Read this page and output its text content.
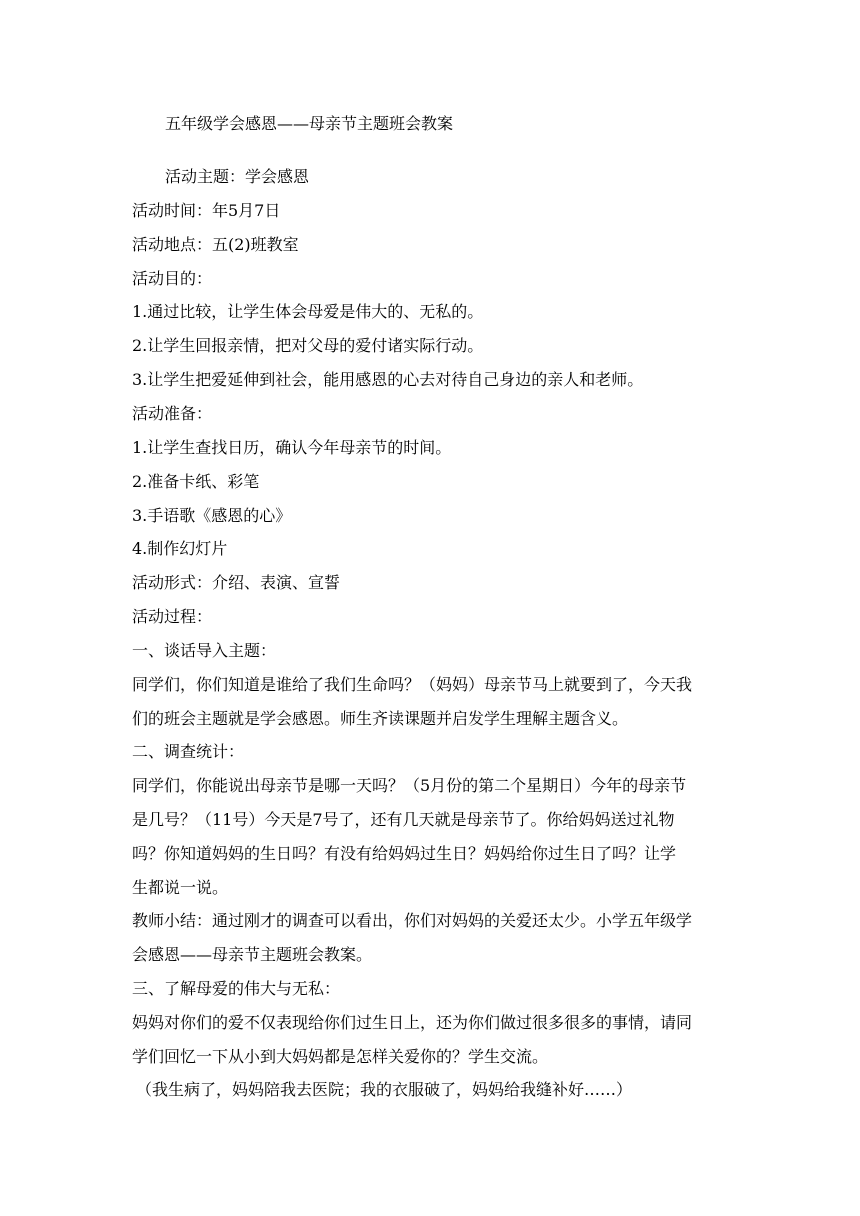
五年级学会感恩——母亲节主题班会教案
活动主题：学会感恩
活动时间：年5月7日
活动地点：五(2)班教室
活动目的：
1.通过比较，让学生体会母爱是伟大的、无私的。
2.让学生回报亲情，把对父母的爱付诸实际行动。
3.让学生把爱延伸到社会，能用感恩的心去对待自己身边的亲人和老师。
活动准备：
1.让学生查找日历，确认今年母亲节的时间。
2.准备卡纸、彩笔
3.手语歌《感恩的心》
4.制作幻灯片
活动形式：介绍、表演、宣誓
活动过程：
一、谈话导入主题：
同学们，你们知道是谁给了我们生命吗？（妈妈）母亲节马上就要到了，今天我
们的班会主题就是学会感恩。师生齐读课题并启发学生理解主题含义。
二、调查统计：
同学们，你能说出母亲节是哪一天吗？（5月份的第二个星期日）今年的母亲节
是几号？（11号）今天是7号了，还有几天就是母亲节了。你给妈妈送过礼物
吗？你知道妈妈的生日吗？有没有给妈妈过生日？妈妈给你过生日了吗？让学
生都说一说。
教师小结：通过刚才的调查可以看出，你们对妈妈的关爱还太少。小学五年级学
会感恩——母亲节主题班会教案。
三、了解母爱的伟大与无私：
妈妈对你们的爱不仅表现给你们过生日上，还为你们做过很多很多的事情，请同
学们回忆一下从小到大妈妈都是怎样关爱你的？学生交流。
（我生病了，妈妈陪我去医院；我的衣服破了，妈妈给我缝补好……）
